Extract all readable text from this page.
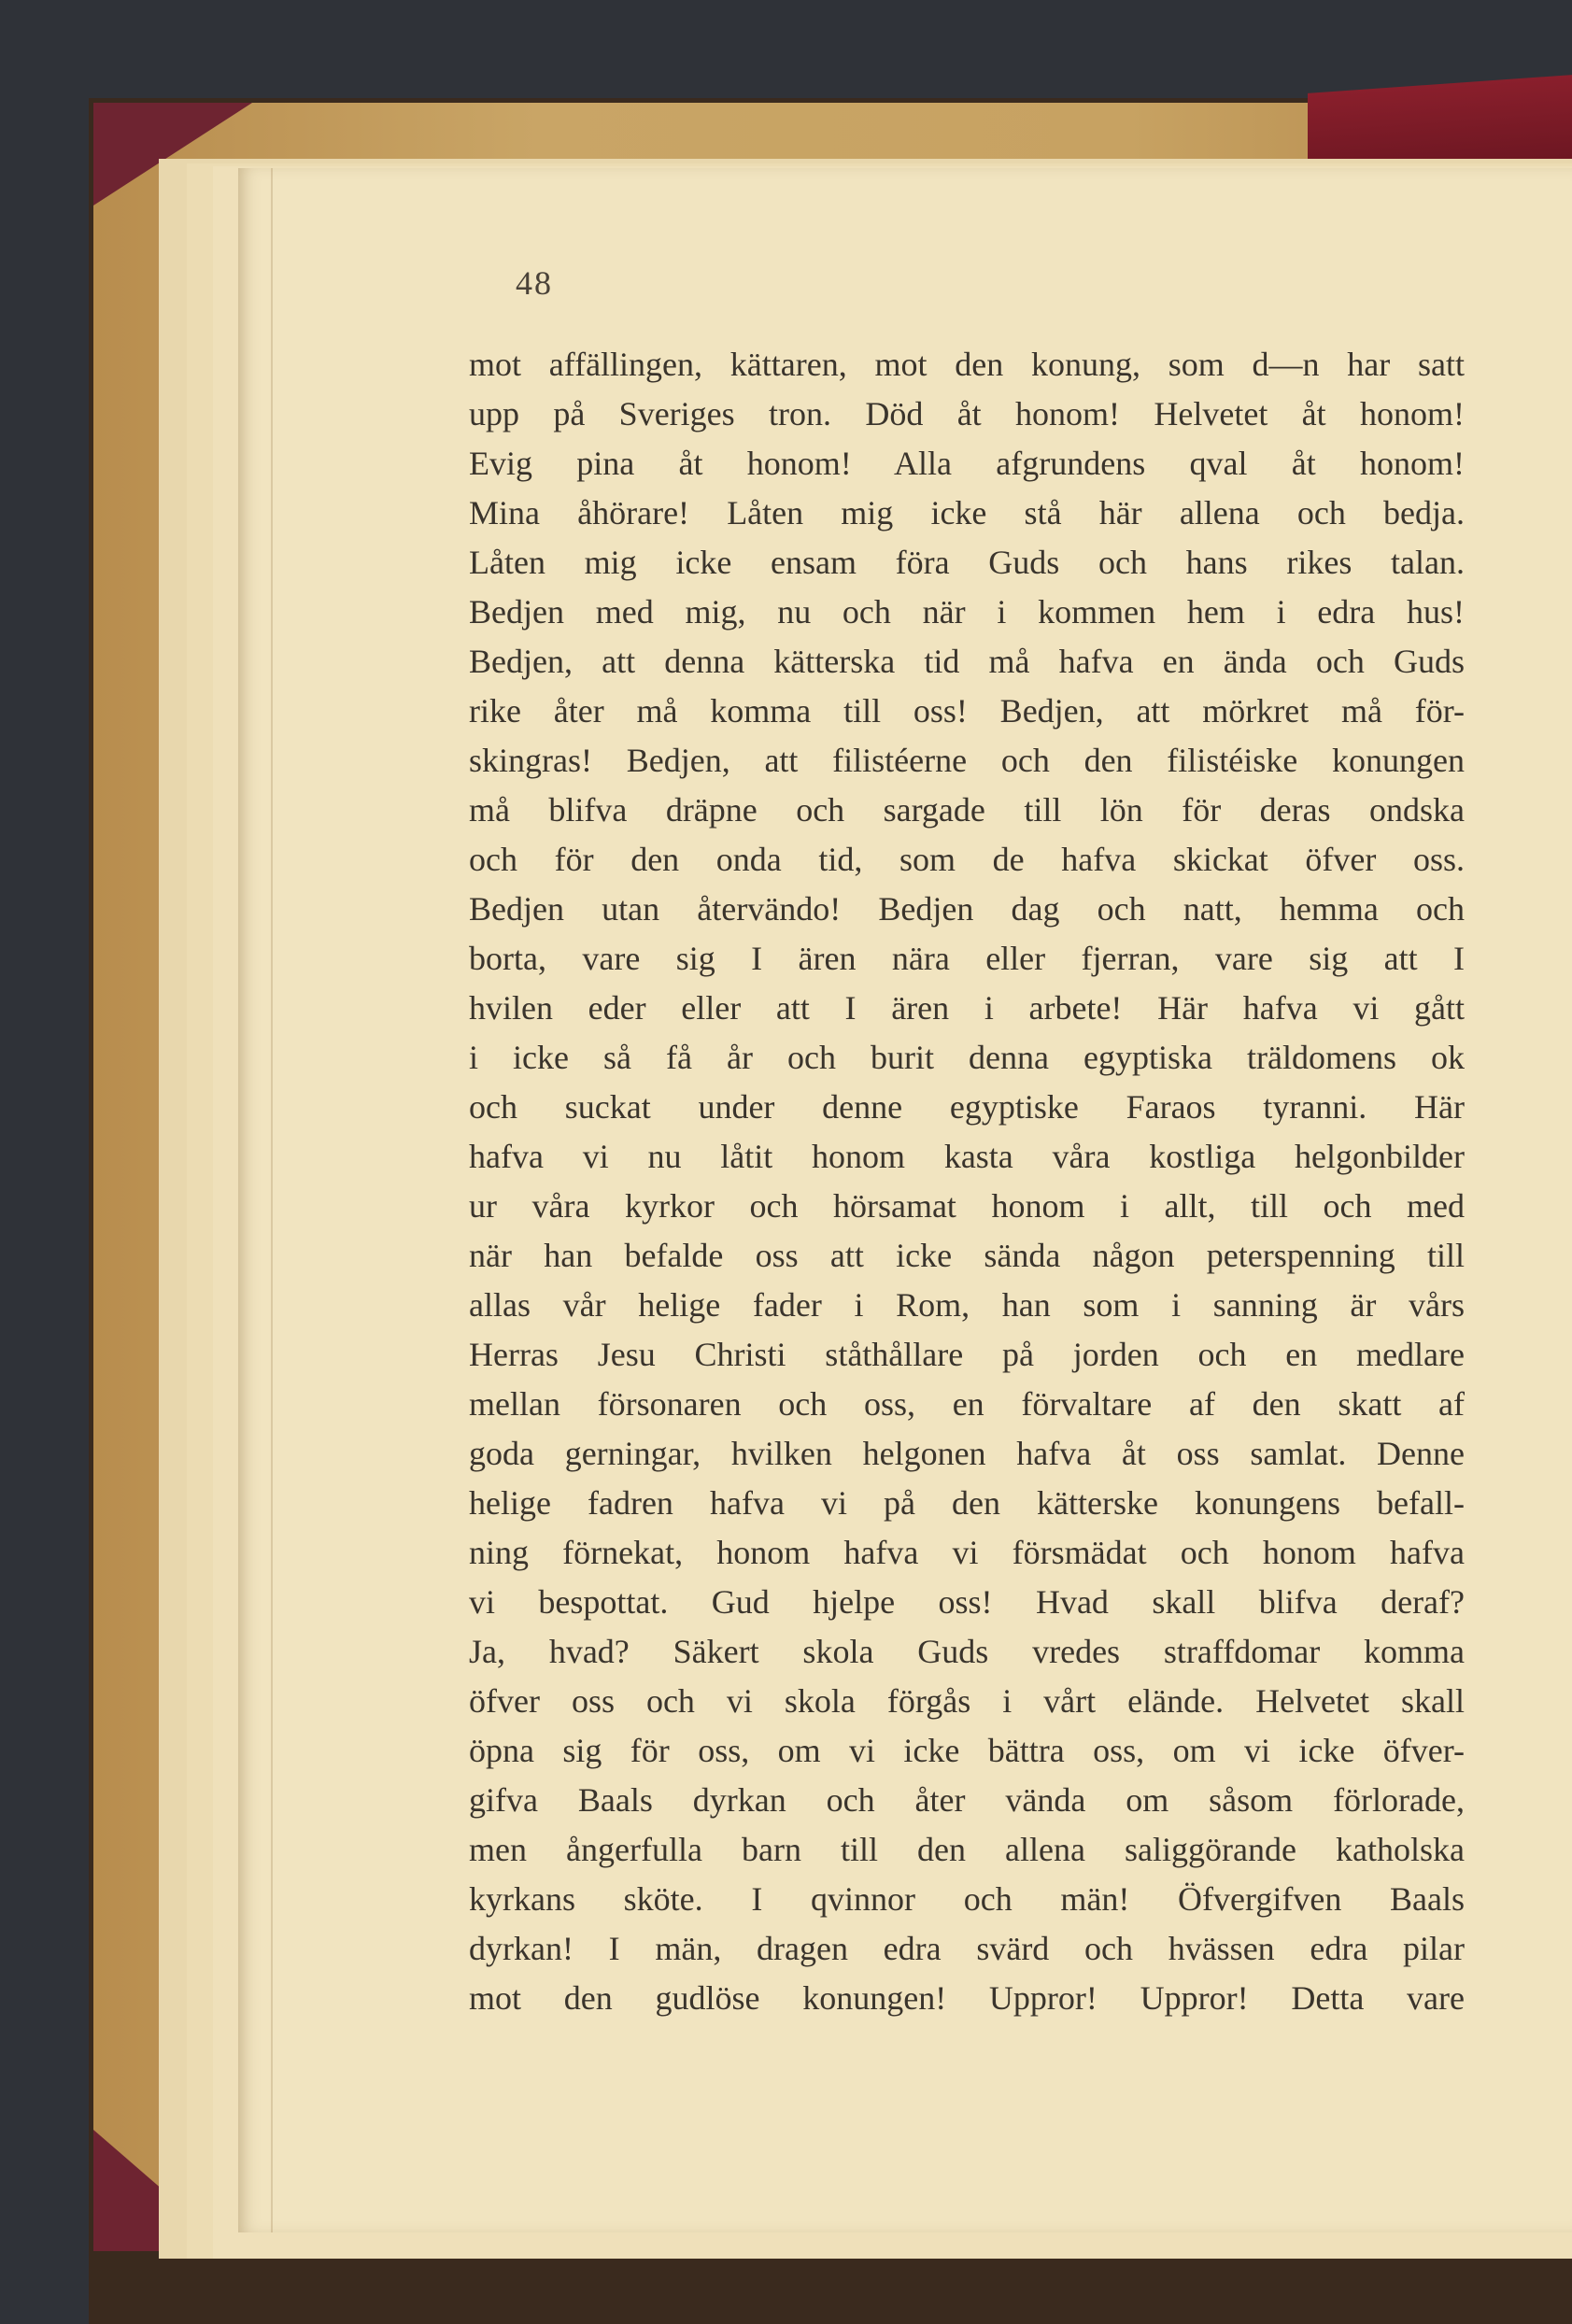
48
mot affällingen, kättaren, mot den konung, som d—n har satt
upp på Sveriges tron. Död åt honom! Helvetet åt honom!
Evig pina åt honom! Alla afgrundens qval åt honom!
Mina åhörare! Låten mig icke stå här allena och bedja.
Låten mig icke ensam föra Guds och hans rikes talan.
Bedjen med mig, nu och när i kommen hem i edra hus!
Bedjen, att denna kätterska tid må hafva en ända och Guds
rike åter må komma till oss! Bedjen, att mörkret må för-
skingras! Bedjen, att filistéerne och den filistéiske konungen
må blifva dräpne och sargade till lön för deras ondska
och för den onda tid, som de hafva skickat öfver oss.
Bedjen utan återvändo! Bedjen dag och natt, hemma och
borta, vare sig I ären nära eller fjerran, vare sig att I
hvilen eder eller att I ären i arbete! Här hafva vi gått
i icke så få år och burit denna egyptiska träldomens ok
och suckat under denne egyptiske Faraos tyranni. Här
hafva vi nu låtit honom kasta våra kostliga helgonbilder
ur våra kyrkor och hörsamat honom i allt, till och med
när han befalde oss att icke sända någon peterspenning till
allas vår helige fader i Rom, han som i sanning är vårs
Herras Jesu Christi ståthållare på jorden och en medlare
mellan försonaren och oss, en förvaltare af den skatt af
goda gerningar, hvilken helgonen hafva åt oss samlat. Denne
helige fadren hafva vi på den kätterske konungens befall-
ning förnekat, honom hafva vi försmädat och honom hafva
vi bespottat. Gud hjelpe oss! Hvad skall blifva deraf?
Ja, hvad? Säkert skola Guds vredes straffdomar komma
öfver oss och vi skola förgås i vårt elände. Helvetet skall
öpna sig för oss, om vi icke bättra oss, om vi icke öfver-
gifva Baals dyrkan och åter vända om såsom förlorade,
men ångerfulla barn till den allena saliggörande katholska
kyrkans sköte. I qvinnor och män! Öfvergifven Baals
dyrkan! I män, dragen edra svärd och hvässen edra pilar
mot den gudlöse konungen! Uppror! Uppror! Detta vare
